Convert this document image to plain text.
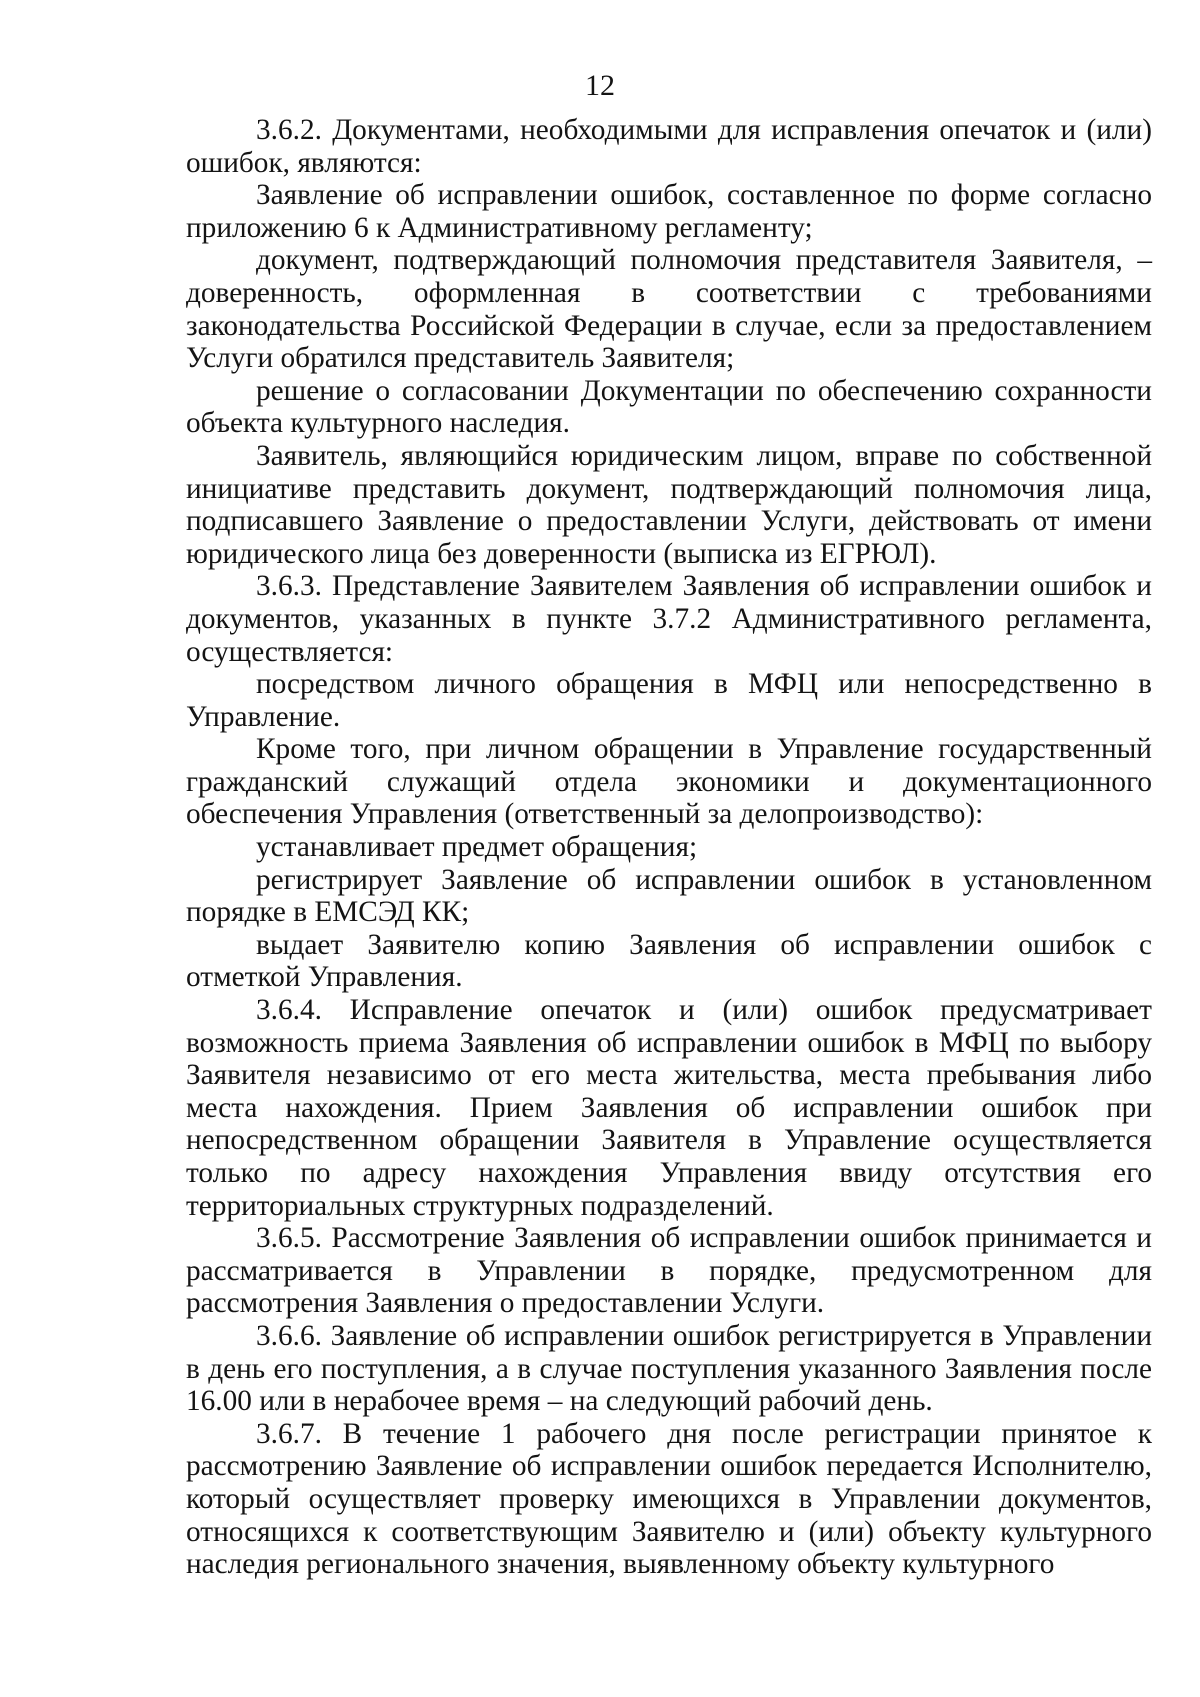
12

3.6.2. Документами, необходимыми для исправления опечаток и (или) ошибок, являются:

Заявление об исправлении ошибок, составленное по форме согласно приложению 6 к Административному регламенту;

документ, подтверждающий полномочия представителя Заявителя, – доверенность, оформленная в соответствии с требованиями законодательства Российской Федерации в случае, если за предоставлением Услуги обратился представитель Заявителя;

решение о согласовании Документации по обеспечению сохранности объекта культурного наследия.

Заявитель, являющийся юридическим лицом, вправе по собственной инициативе представить документ, подтверждающий полномочия лица, подписавшего Заявление о предоставлении Услуги, действовать от имени юридического лица без доверенности (выписка из ЕГРЮЛ).

3.6.3. Представление Заявителем Заявления об исправлении ошибок и документов, указанных в пункте 3.7.2 Административного регламента, осуществляется:

посредством личного обращения в МФЦ или непосредственно в Управление.

Кроме того, при личном обращении в Управление государственный гражданский служащий отдела экономики и документационного обеспечения Управления (ответственный за делопроизводство):

устанавливает предмет обращения;

регистрирует Заявление об исправлении ошибок в установленном порядке в ЕМСЭД КК;

выдает Заявителю копию Заявления об исправлении ошибок с отметкой Управления.

3.6.4. Исправление опечаток и (или) ошибок предусматривает возможность приема Заявления об исправлении ошибок в МФЦ по выбору Заявителя независимо от его места жительства, места пребывания либо места нахождения. Прием Заявления об исправлении ошибок при непосредственном обращении Заявителя в Управление осуществляется только по адресу нахождения Управления ввиду отсутствия его территориальных структурных подразделений.

3.6.5. Рассмотрение Заявления об исправлении ошибок принимается и рассматривается в Управлении в порядке, предусмотренном для рассмотрения Заявления о предоставлении Услуги.

3.6.6. Заявление об исправлении ошибок регистрируется в Управлении в день его поступления, а в случае поступления указанного Заявления после 16.00 или в нерабочее время – на следующий рабочий день.

3.6.7. В течение 1 рабочего дня после регистрации принятое к рассмотрению Заявление об исправлении ошибок передается Исполнителю, который осуществляет проверку имеющихся в Управлении документов, относящихся к соответствующим Заявителю и (или) объекту культурного наследия регионального значения, выявленному объекту культурного
